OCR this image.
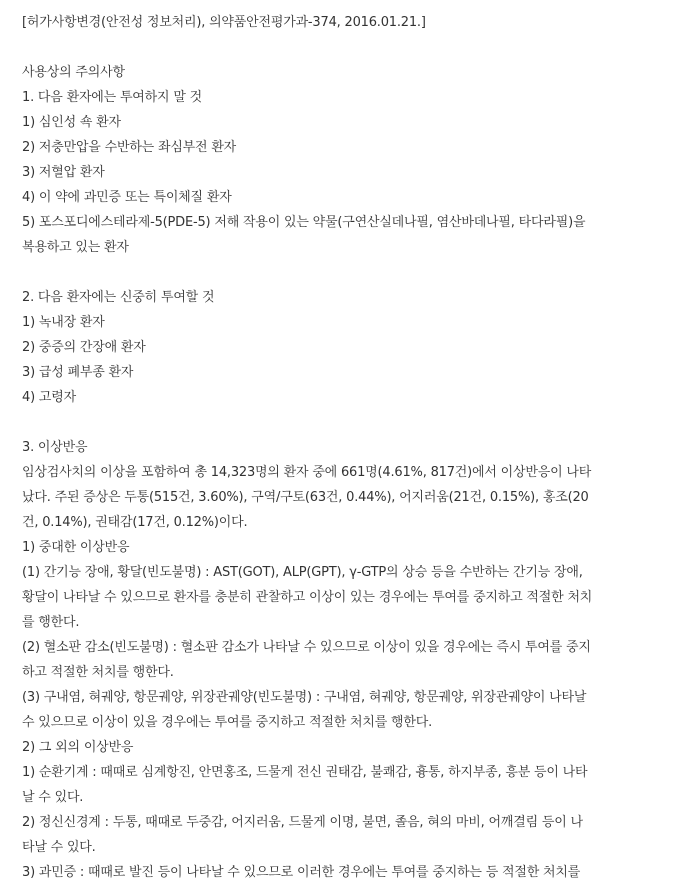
[허가사항변경(안전성 정보처리), 의약품안전평가과-374, 2016.01.21.]
사용상의 주의사항
1. 다음 환자에는 투여하지 말 것
1) 심인성 쇽 환자
2) 저충만압을 수반하는 좌심부전 환자
3) 저혈압 환자
4) 이 약에 과민증 또는 특이체질 환자
5) 포스포디에스테라제-5(PDE-5) 저해 작용이 있는 약물(구연산실데나필, 염산바데나필, 타다라필)을
복용하고 있는 환자
2. 다음 환자에는 신중히 투여할 것
1) 녹내장 환자
2) 중증의 간장애 환자
3) 급성 폐부종 환자
4) 고령자
3. 이상반응
임상검사치의 이상을 포함하여 총 14,323명의 환자 중에 661명(4.61%, 817건)에서 이상반응이 나타
났다. 주된 증상은 두통(515건, 3.60%), 구역/구토(63건, 0.44%), 어지러움(21건, 0.15%), 홍조(20
건, 0.14%), 권태감(17건, 0.12%)이다.
1) 중대한 이상반응
(1) 간기능 장애, 황달(빈도불명) : AST(GOT), ALP(GPT), γ-GTP의 상승 등을 수반하는 간기능 장애,
황달이 나타날 수 있으므로 환자를 충분히 관찰하고 이상이 있는 경우에는 투여를 중지하고 적절한 처치
를 행한다.
(2) 혈소판 감소(빈도불명) : 혈소판 감소가 나타날 수 있으므로 이상이 있을 경우에는 즉시 투여를 중지
하고 적절한 처치를 행한다.
(3) 구내염, 혀궤양, 항문궤양, 위장관궤양(빈도불명) : 구내염, 혀궤양, 항문궤양, 위장관궤양이 나타날
수 있으므로 이상이 있을 경우에는 투여를 중지하고 적절한 처치를 행한다.
2) 그 외의 이상반응
1) 순환기계 : 때때로 심계항진, 안면홍조, 드물게 전신 권태감, 불쾌감, 흉통, 하지부종, 흥분 등이 나타
날 수 있다.
2) 정신신경계 : 두통, 때때로 두중감, 어지러움, 드물게 이명, 불면, 졸음, 혀의 마비, 어깨결림 등이 나
타날 수 있다.
3) 과민증 : 때때로 발진 등이 나타날 수 있으므로 이러한 경우에는 투여를 중지하는 등 적절한 처치를
